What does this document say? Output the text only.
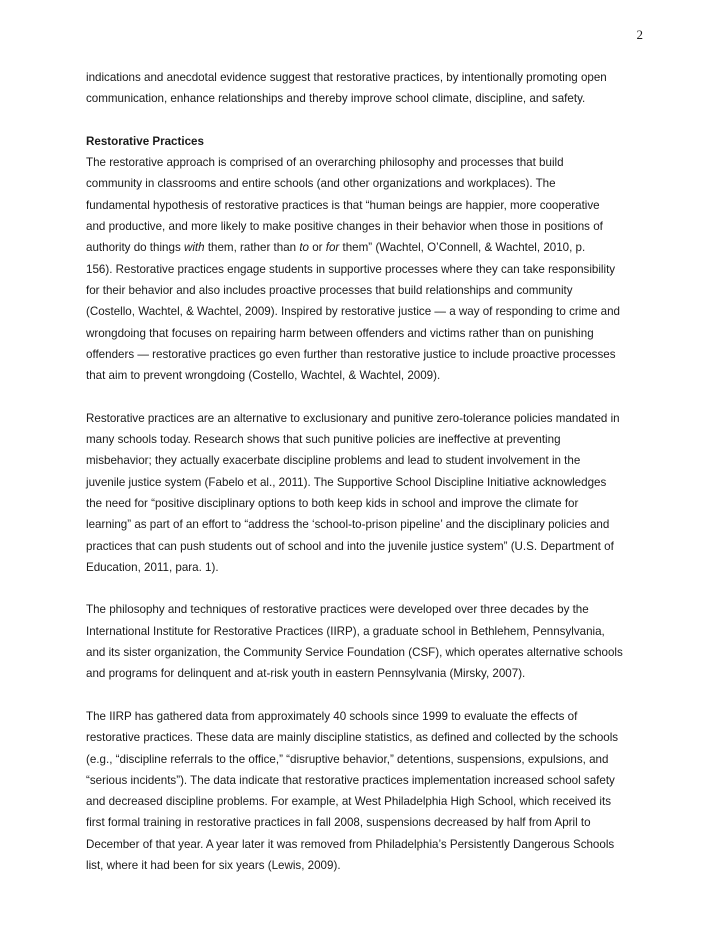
2
indications and anecdotal evidence suggest that restorative practices, by intentionally promoting open
communication, enhance relationships and thereby improve school climate, discipline, and safety.
Restorative Practices
The restorative approach is comprised of an overarching philosophy and processes that build
community in classrooms and entire schools (and other organizations and workplaces). The
fundamental hypothesis of restorative practices is that “human beings are happier, more cooperative
and productive, and more likely to make positive changes in their behavior when those in positions of
authority do things with them, rather than to or for them” (Wachtel, O’Connell, & Wachtel, 2010, p.
156). Restorative practices engage students in supportive processes where they can take responsibility
for their behavior and also includes proactive processes that build relationships and community
(Costello, Wachtel, & Wachtel, 2009). Inspired by restorative justice — a way of responding to crime and
wrongdoing that focuses on repairing harm between offenders and victims rather than on punishing
offenders — restorative practices go even further than restorative justice to include proactive processes
that aim to prevent wrongdoing (Costello, Wachtel, & Wachtel, 2009).
Restorative practices are an alternative to exclusionary and punitive zero-tolerance policies mandated in
many schools today. Research shows that such punitive policies are ineffective at preventing
misbehavior; they actually exacerbate discipline problems and lead to student involvement in the
juvenile justice system (Fabelo et al., 2011). The Supportive School Discipline Initiative acknowledges
the need for “positive disciplinary options to both keep kids in school and improve the climate for
learning” as part of an effort to “address the ‘school-to-prison pipeline’ and the disciplinary policies and
practices that can push students out of school and into the juvenile justice system” (U.S. Department of
Education, 2011, para. 1).
The philosophy and techniques of restorative practices were developed over three decades by the
International Institute for Restorative Practices (IIRP), a graduate school in Bethlehem, Pennsylvania,
and its sister organization, the Community Service Foundation (CSF), which operates alternative schools
and programs for delinquent and at-risk youth in eastern Pennsylvania (Mirsky, 2007).
The IIRP has gathered data from approximately 40 schools since 1999 to evaluate the effects of
restorative practices. These data are mainly discipline statistics, as defined and collected by the schools
(e.g., “discipline referrals to the office,” “disruptive behavior,” detentions, suspensions, expulsions, and
“serious incidents”). The data indicate that restorative practices implementation increased school safety
and decreased discipline problems. For example, at West Philadelphia High School, which received its
first formal training in restorative practices in fall 2008, suspensions decreased by half from April to
December of that year. A year later it was removed from Philadelphia’s Persistently Dangerous Schools
list, where it had been for six years (Lewis, 2009).
